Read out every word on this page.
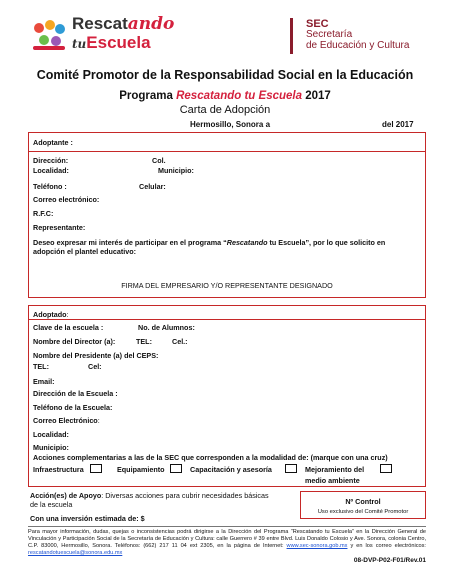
Rescatando
tuEscuela
SEC
Secretaría
de Educación y Cultura
Comité Promotor de la Responsabilidad Social en la Educación
Programa Rescatando tu Escuela 2017
Carta de Adopción
Hermosillo, Sonora a	del 2017
Adoptante :
Dirección:	Col.
Localidad:	Municipio:
Teléfono :	Celular:
Correo electrónico:
R.F.C:
Representante:
Deseo expresar mi interés de participar en el programa “Rescatando tu Escuela”, por lo que solicito en adopción el plantel educativo:
FIRMA DEL EMPRESARIO Y/O REPRESENTANTE DESIGNADO
Adoptado:
Clave de la escuela :	No. de Alumnos:
Nombre del Director (a):	TEL:	Cel.:
Nombre del Presidente (a) del CEPS:
TEL:	Cel:
Email:
Dirección de la Escuela :
Teléfono de la Escuela:
Correo Electrónico:
Localidad:
Municipio:
Acciones complementarias a las de la SEC que corresponden a la modalidad de: (marque con una cruz)
Infraestructura	Equipamiento	Capacitación y asesoría	Mejoramiento del
medio ambiente
Acción(es) de Apoyo: Diversas acciones para cubrir necesidades básicas de la escuela
Con una inversión estimada de: $
Nº Control
Uso exclusivo del Comité Promotor
Para mayor información, dudas, quejas o inconsistencias podrá dirigirse a la Dirección del Programa “Rescatando tu Escuela” en la Dirección General de Vinculación y Participación Social de la Secretaría de Educación y Cultura: calle Guerrero # 39 entre Blvd. Luis Donaldo Colosio y Ave. Sonora, colonia Centro, C.P. 83000, Hermosillo, Sonora. Teléfonos: (662) 217 11 04 ext 2305, en la página de Internet: www.sec-sonora.gob.mx y en los correo electrónicos: rescatandotuescuela@sonora.edu.mx
08-DVP-P02-F01/Rev.01
